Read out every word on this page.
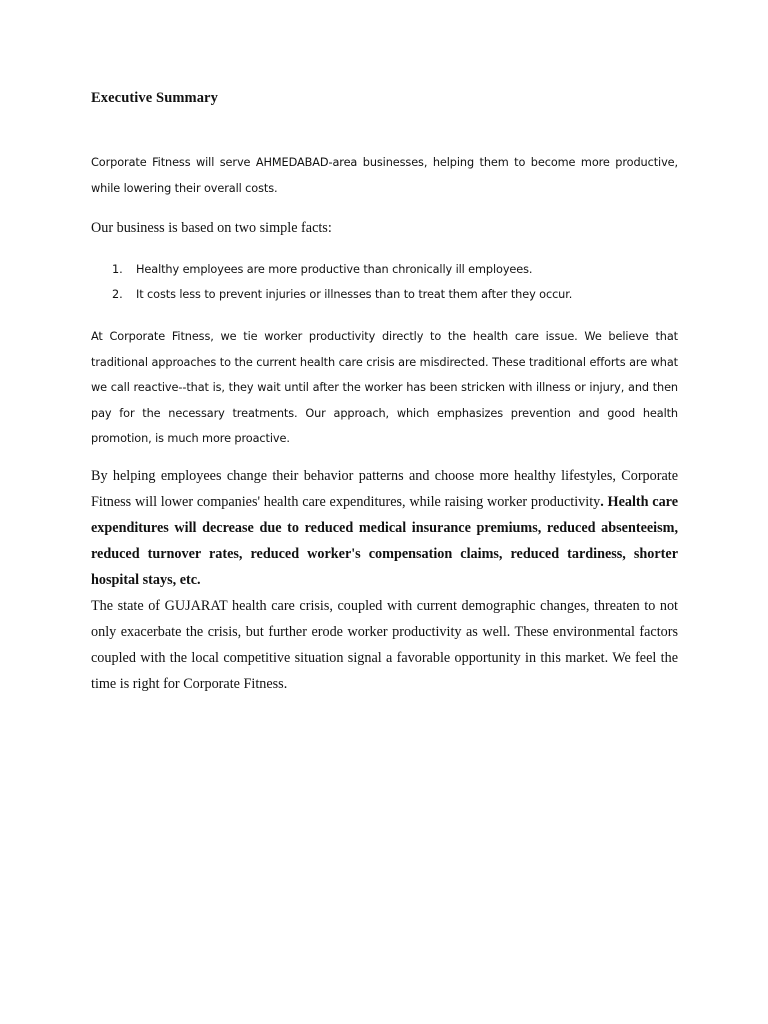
Executive Summary

Corporate Fitness will serve AHMEDABAD-area businesses, helping them to become more productive, while lowering their overall costs.

Our business is based on two simple facts:

1.	Healthy employees are more productive than chronically ill employees.
2.	It costs less to prevent injuries or illnesses than to treat them after they occur.

At Corporate Fitness, we tie worker productivity directly to the health care issue. We believe that traditional approaches to the current health care crisis are misdirected. These traditional efforts are what we call reactive--that is, they wait until after the worker has been stricken with illness or injury, and then pay for the necessary treatments. Our approach, which emphasizes prevention and good health promotion, is much more proactive.

By helping employees change their behavior patterns and choose more healthy lifestyles, Corporate Fitness will lower companies' health care expenditures, while raising worker productivity. Health care expenditures will decrease due to reduced medical insurance premiums, reduced absenteeism, reduced turnover rates, reduced worker's compensation claims, reduced tardiness, shorter hospital stays, etc.

The state of GUJARAT health care crisis, coupled with current demographic changes, threaten to not only exacerbate the crisis, but further erode worker productivity as well. These environmental factors coupled with the local competitive situation signal a favorable opportunity in this market. We feel the time is right for Corporate Fitness.
